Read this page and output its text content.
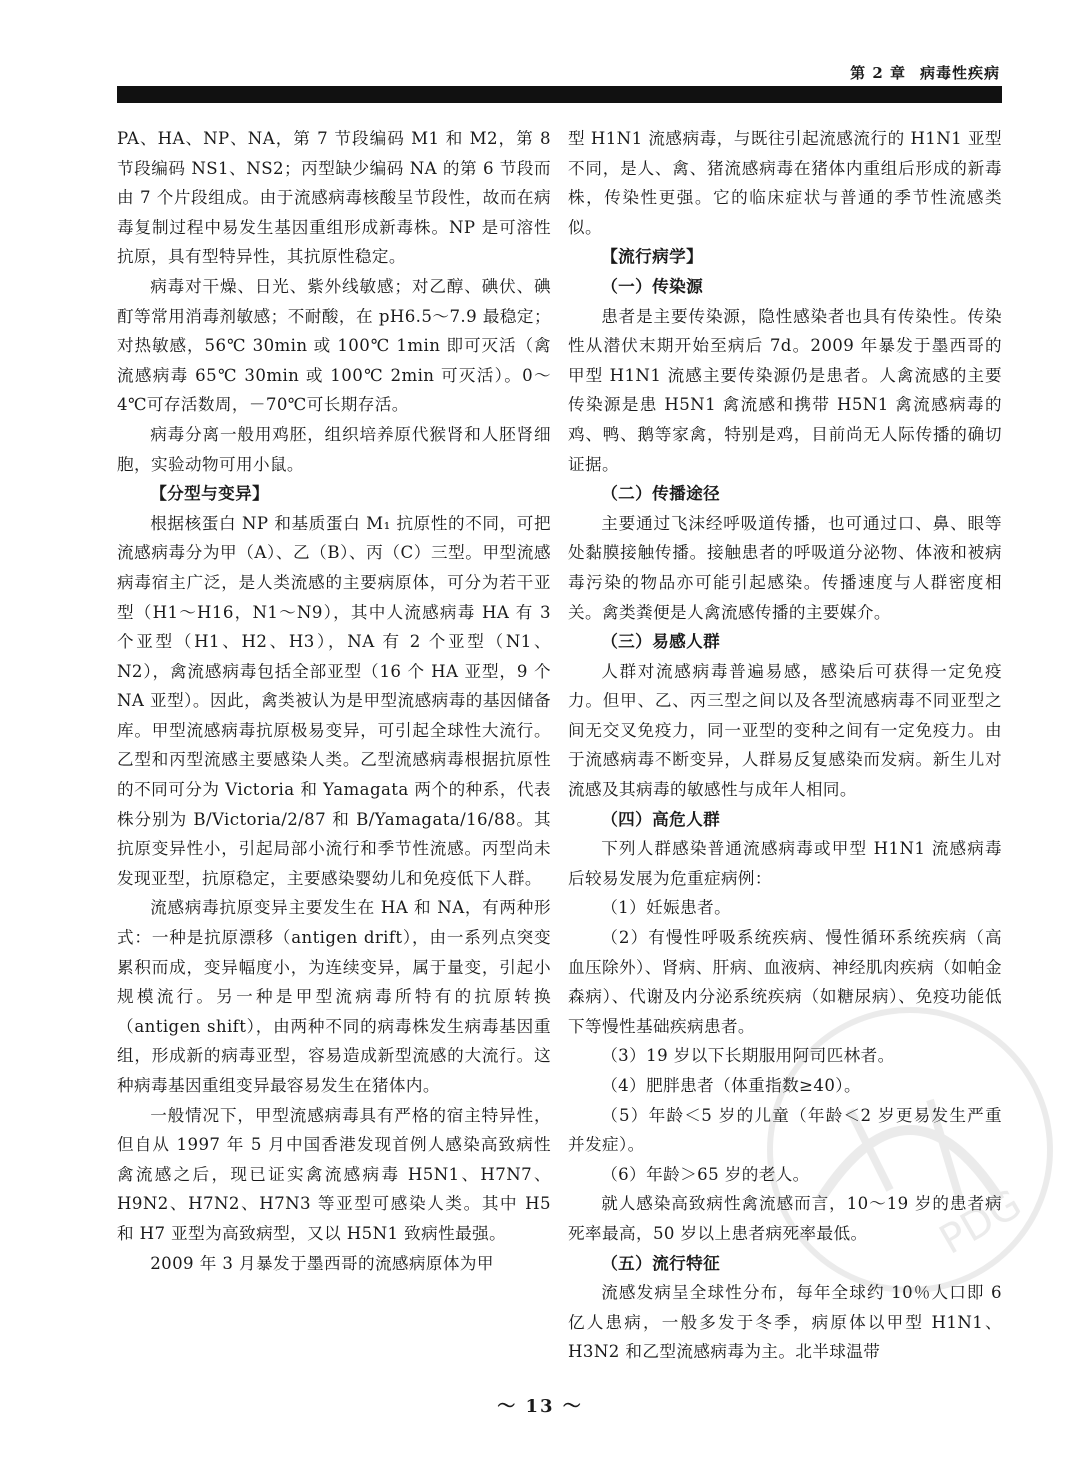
第 2 章 病毒性疾病

PA、HA、NP、NA，第 7 节段编码 M1 和 M2，第 8 节段编码 NS1、NS2；丙型缺少编码 NA 的第 6 节段而由 7 个片段组成。由于流感病毒核酸呈节段性，故而在病毒复制过程中易发生基因重组形成新毒株。NP 是可溶性抗原，具有型特异性，其抗原性稳定。

病毒对干燥、日光、紫外线敏感；对乙醇、碘伏、碘酊等常用消毒剂敏感；不耐酸，在 pH6.5～7.9 最稳定；对热敏感，56℃ 30min 或 100℃ 1min 即可灭活（禽流感病毒 65℃ 30min 或 100℃ 2min 可灭活）。0～4℃可存活数周，－70℃可长期存活。

病毒分离一般用鸡胚，组织培养原代猴肾和人胚肾细胞，实验动物可用小鼠。

【分型与变异】

根据核蛋白 NP 和基质蛋白 M₁ 抗原性的不同，可把流感病毒分为甲（A）、乙（B）、丙（C）三型。甲型流感病毒宿主广泛，是人类流感的主要病原体，可分为若干亚型（H1～H16，N1～N9），其中人流感病毒 HA 有 3 个亚型（H1、H2、H3），NA 有 2 个亚型（N1、N2），禽流感病毒包括全部亚型（16 个 HA 亚型，9 个 NA 亚型）。因此，禽类被认为是甲型流感病毒的基因储备库。甲型流感病毒抗原极易变异，可引起全球性大流行。乙型和丙型流感主要感染人类。乙型流感病毒根据抗原性的不同可分为 Victoria 和 Yamagata 两个的种系，代表株分别为 B/Victoria/2/87 和 B/Yamagata/16/88。其抗原变异性小，引起局部小流行和季节性流感。丙型尚未发现亚型，抗原稳定，主要感染婴幼儿和免疫低下人群。

流感病毒抗原变异主要发生在 HA 和 NA，有两种形式：一种是抗原漂移（antigen drift），由一系列点突变累积而成，变异幅度小，为连续变异，属于量变，引起小规模流行。另一种是甲型流病毒所特有的抗原转换（antigen shift），由两种不同的病毒株发生病毒基因重组，形成新的病毒亚型，容易造成新型流感的大流行。这种病毒基因重组变异最容易发生在猪体内。

一般情况下，甲型流感病毒具有严格的宿主特异性，但自从 1997 年 5 月中国香港发现首例人感染高致病性禽流感之后，现已证实禽流感病毒 H5N1、H7N7、H9N2、H7N2、H7N3 等亚型可感染人类。其中 H5 和 H7 亚型为高致病型，又以 H5N1 致病性最强。

2009 年 3 月暴发于墨西哥的流感病原体为甲

型 H1N1 流感病毒，与既往引起流感流行的 H1N1 亚型不同，是人、禽、猪流感病毒在猪体内重组后形成的新毒株，传染性更强。它的临床症状与普通的季节性流感类似。

【流行病学】

（一）传染源

患者是主要传染源，隐性感染者也具有传染性。传染性从潜伏末期开始至病后 7d。2009 年暴发于墨西哥的甲型 H1N1 流感主要传染源仍是患者。人禽流感的主要传染源是患 H5N1 禽流感和携带 H5N1 禽流感病毒的鸡、鸭、鹅等家禽，特别是鸡，目前尚无人际传播的确切证据。

（二）传播途径

主要通过飞沫经呼吸道传播，也可通过口、鼻、眼等处黏膜接触传播。接触患者的呼吸道分泌物、体液和被病毒污染的物品亦可能引起感染。传播速度与人群密度相关。禽类粪便是人禽流感传播的主要媒介。

（三）易感人群

人群对流感病毒普遍易感，感染后可获得一定免疫力。但甲、乙、丙三型之间以及各型流感病毒不同亚型之间无交叉免疫力，同一亚型的变种之间有一定免疫力。由于流感病毒不断变异，人群易反复感染而发病。新生儿对流感及其病毒的敏感性与成年人相同。

（四）高危人群

下列人群感染普通流感病毒或甲型 H1N1 流感病毒后较易发展为危重症病例：

（1）妊娠患者。

（2）有慢性呼吸系统疾病、慢性循环系统疾病（高血压除外）、肾病、肝病、血液病、神经肌肉疾病（如帕金森病）、代谢及内分泌系统疾病（如糖尿病）、免疫功能低下等慢性基础疾病患者。

（3）19 岁以下长期服用阿司匹林者。

（4）肥胖患者（体重指数≥40）。

（5）年龄＜5 岁的儿童（年龄＜2 岁更易发生严重并发症）。

（6）年龄＞65 岁的老人。

就人感染高致病性禽流感而言，10～19 岁的患者病死率最高，50 岁以上患者病死率最低。

（五）流行特征

流感发病呈全球性分布，每年全球约 10％人口即 6 亿人患病，一般多发于冬季，病原体以甲型 H1N1、H3N2 和乙型流感病毒为主。北半球温带

～ 13 ～
PDG
